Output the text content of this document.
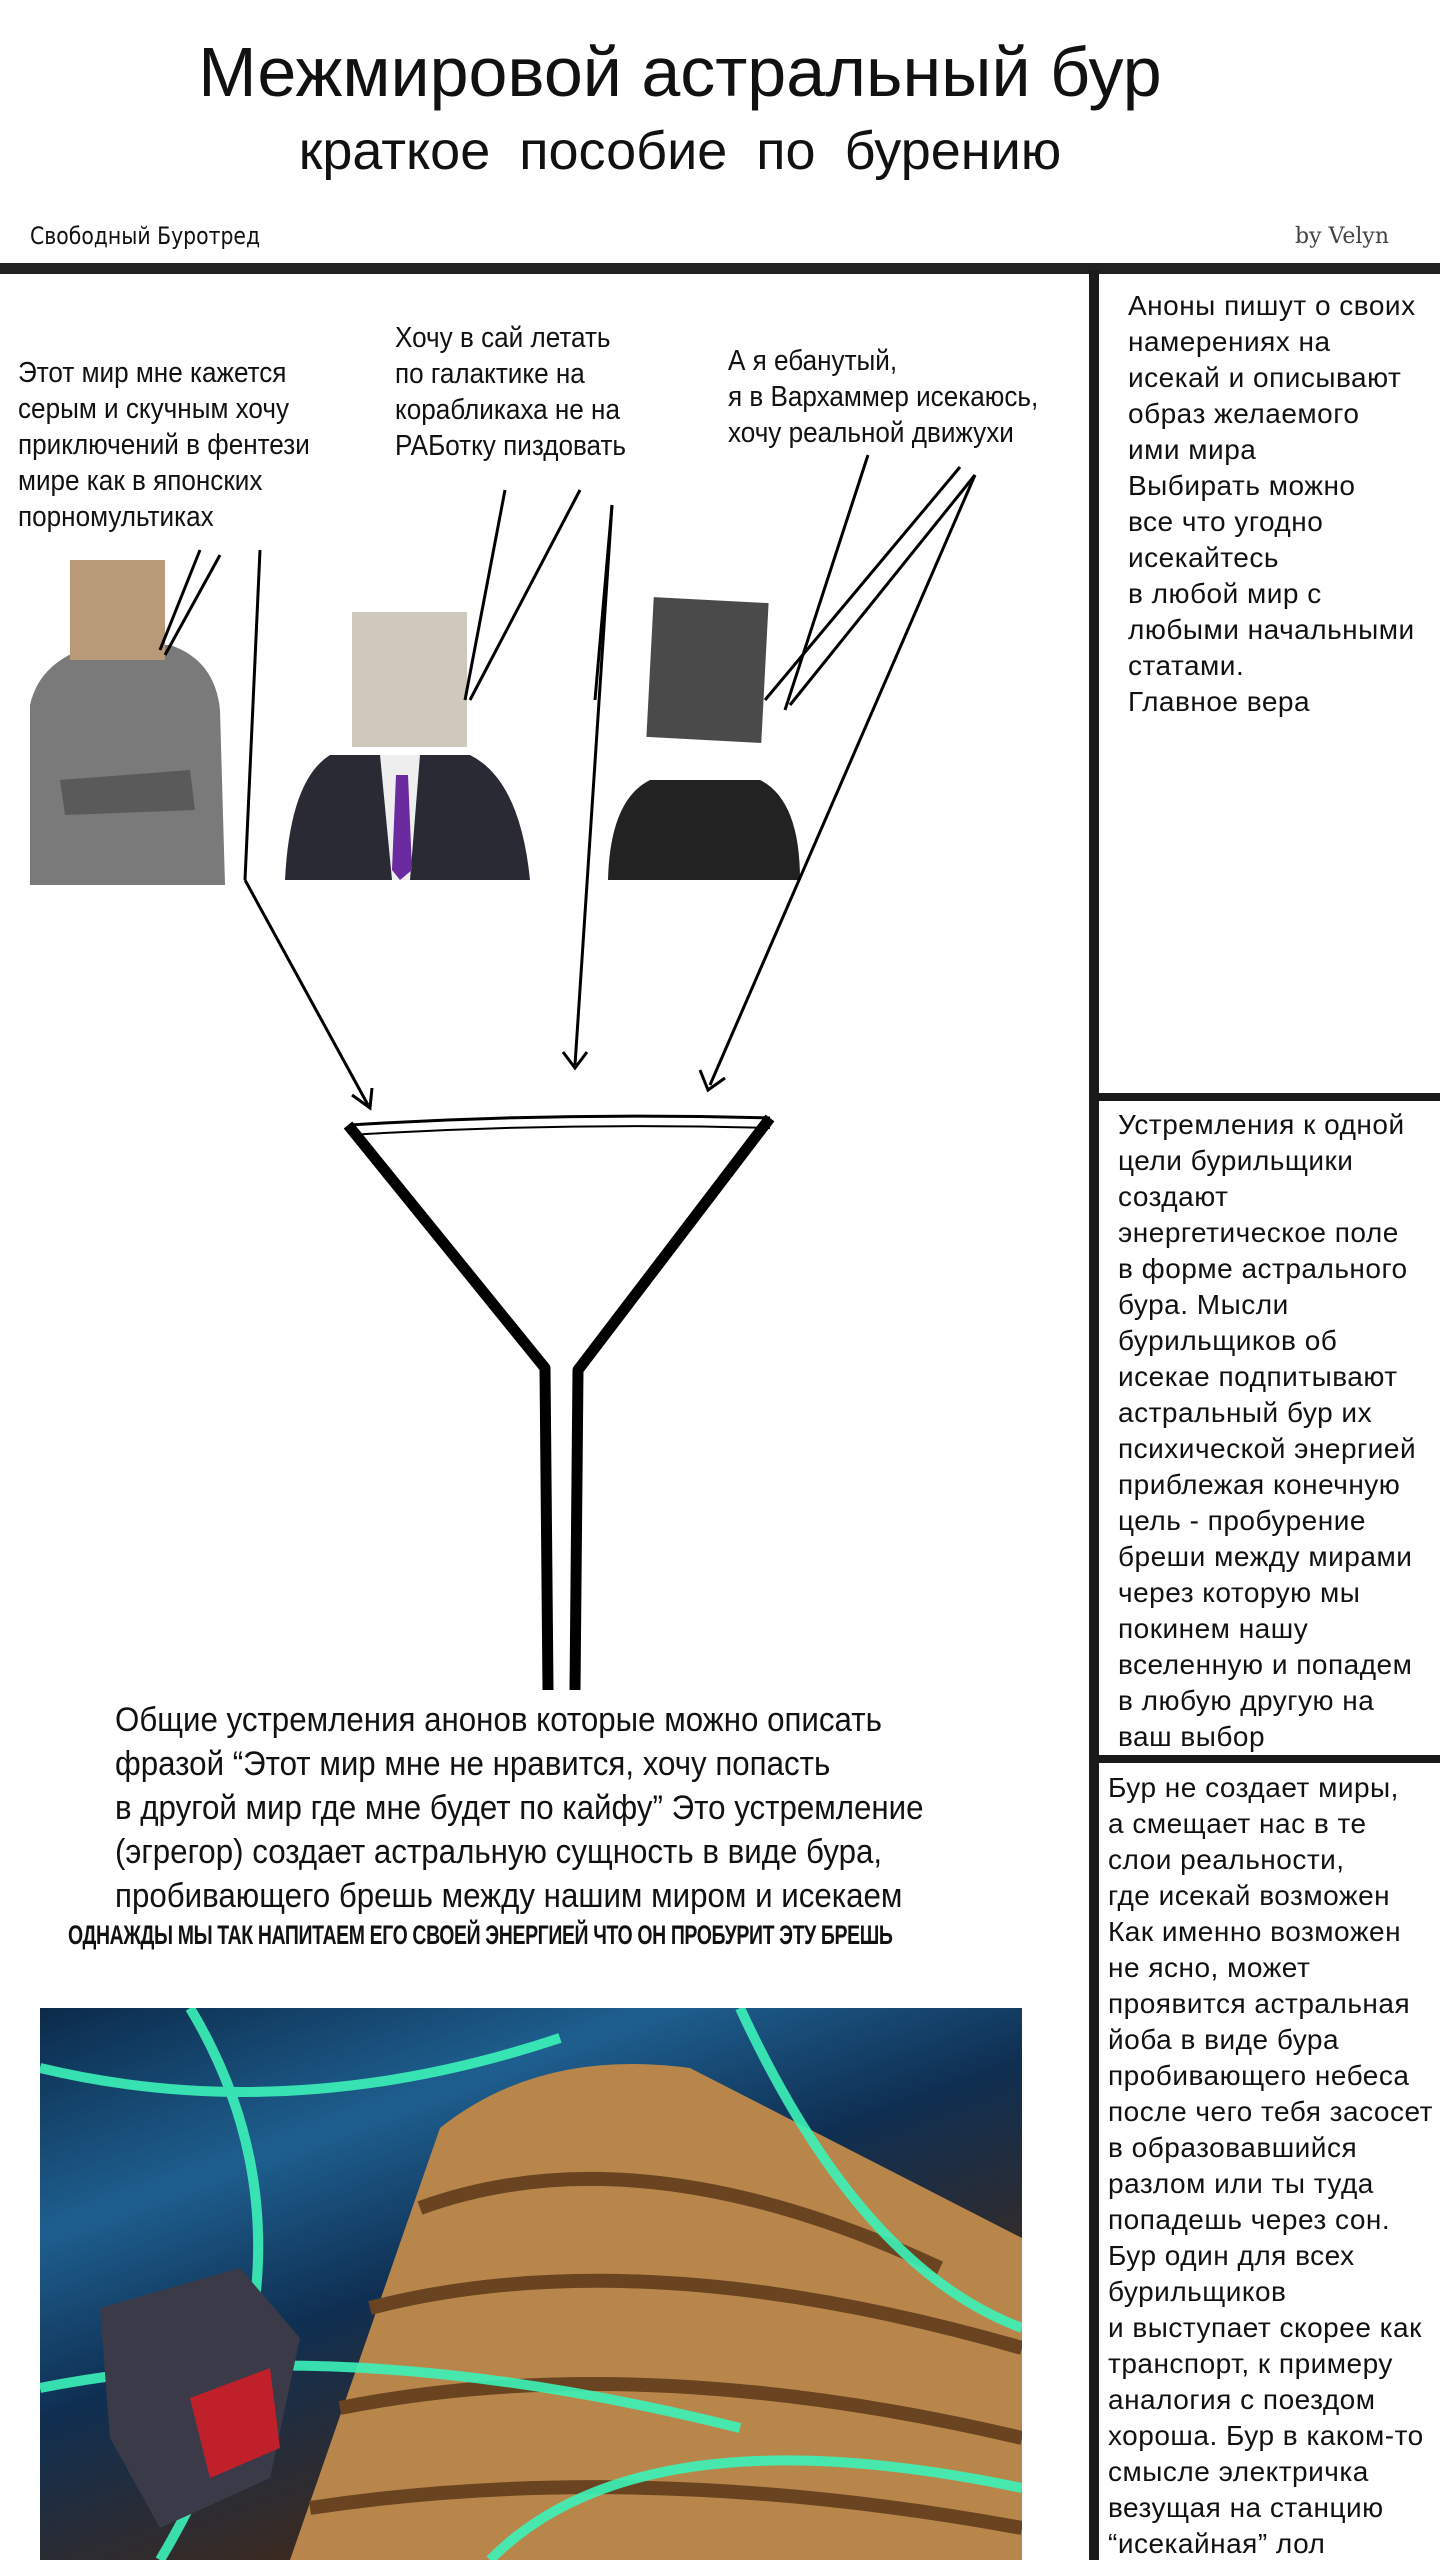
Межмировой астральный бур
краткое пособие по бурению
Свободный Буротред	by Velyn
Этот мир мне кажется
серым и скучным хочу
приключений в фентези
мире как в японских
порномультиках
Хочу в сай летать
по галактике на
корабликаха не на
РАБотку пиздовать
А я ебанутый,
я в Вархаммер исекаюсь,
хочу реальной движухи
Аноны пишут о своих
намерениях на
исекай и описывают
образ желаемого
ими мира
Выбирать можно
все что угодно
исекайтесь
в любой мир с
любыми начальными
статами.
Главное вера
Устремления к одной
цели бурильщики
создают
энергетическое поле
в форме астрального
бура. Мысли
бурильщиков об
исекае подпитывают
астральный бур их
психической энергией
приблежая конечную
цель - пробурение
бреши между мирами
через которую мы
покинем нашу
вселенную и попадем
в любую другую на
ваш выбор
Бур не создает миры,
а смещает нас в те
слои реальности,
где исекай возможен
Как именно возможен
не ясно, может
проявится астральная
йоба в виде бура
пробивающего небеса
после чего тебя засосет
в образовавшийся
разлом или ты туда
попадешь через сон.
Бур один для всех
бурильщиков
и выступает скорее как
транспорт, к примеру
аналогия с поездом
хороша. Бур в каком-то
смысле электричка
везущая на станцию
“исекайная” лол
Общие устремления анонов которые можно описать
фразой “Этот мир мне не нравится, хочу попасть
в другой мир где мне будет по кайфу” Это устремление
(эгрегор) создает астральную сущность в виде бура,
пробивающего брешь между нашим миром и исекаем
ОДНАЖДЫ МЫ ТАК НАПИТАЕМ ЕГО СВОЕЙ ЭНЕРГИЕЙ ЧТО ОН ПРОБУРИТ ЭТУ БРЕШЬ
